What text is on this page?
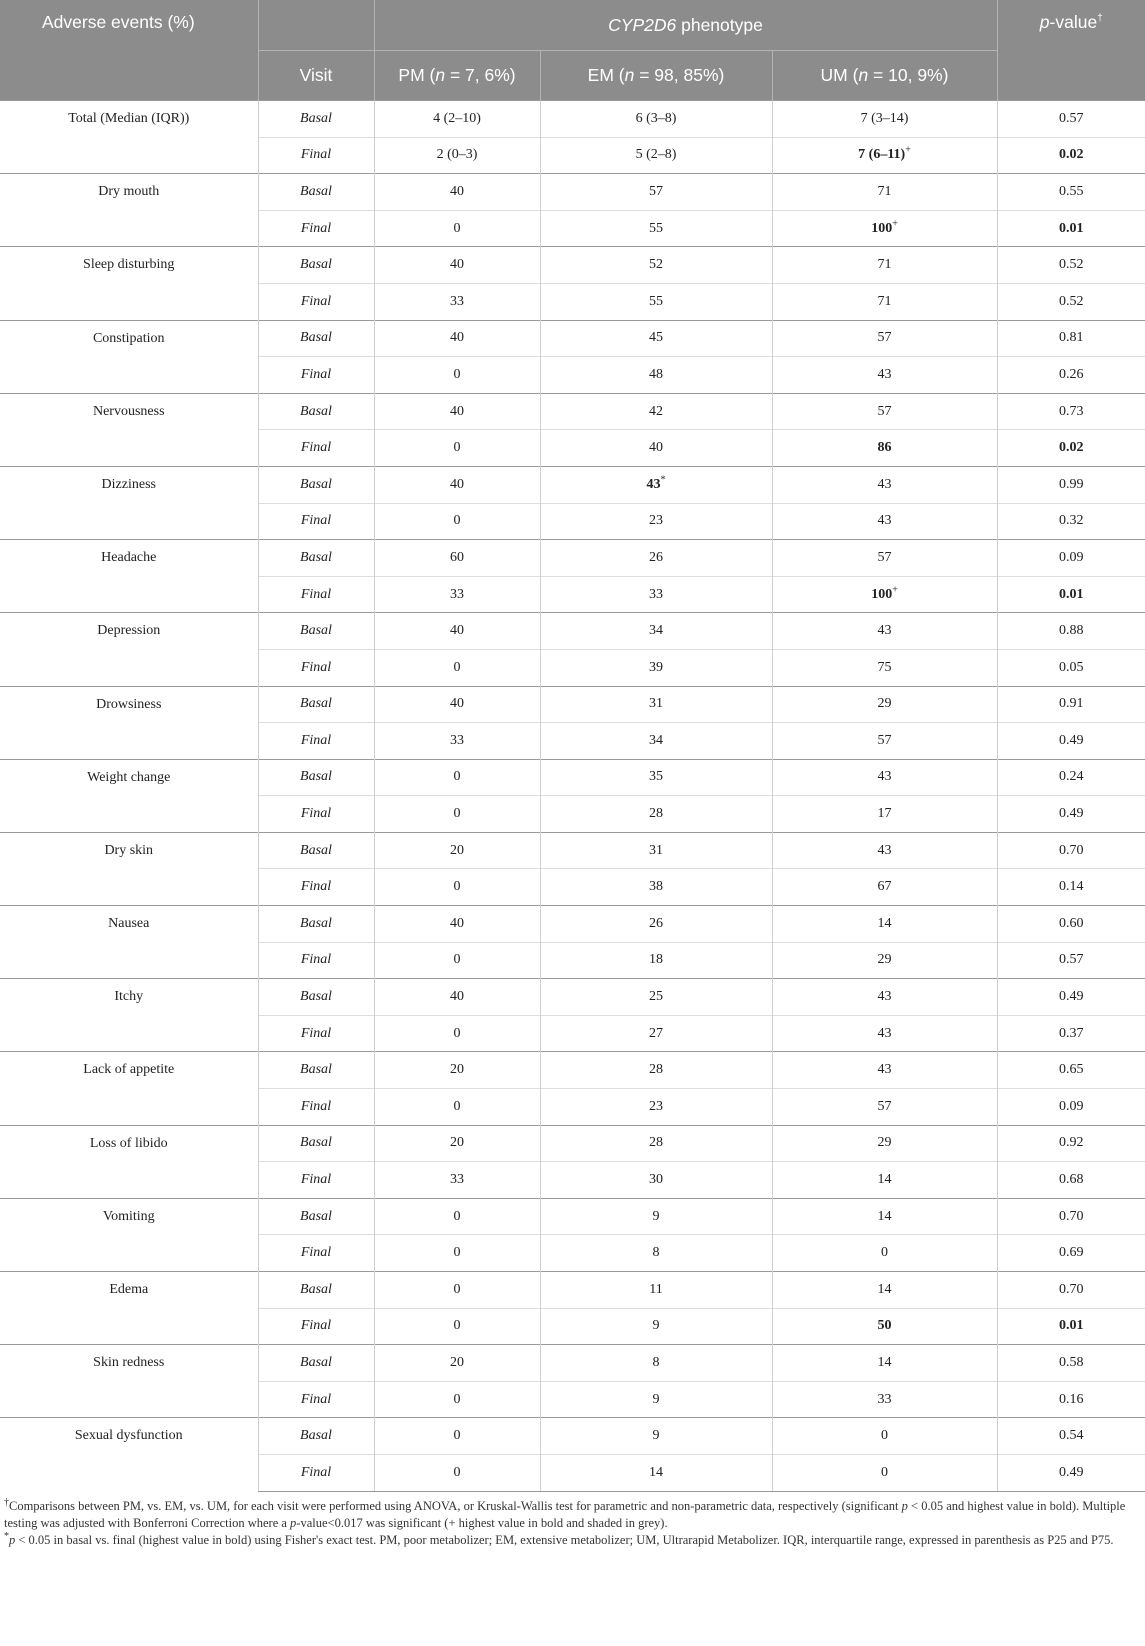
Adverse events (%)		CYP2D6 phenotype			p-value†
	Visit	PM (n = 7, 6%)	EM (n = 98, 85%)	UM (n = 10, 9%)	
Total (Median (IQR))	Basal	4 (2–10)	6 (3–8)	7 (3–14)	0.57
	Final	2 (0–3)	5 (2–8)	7 (6–11)+	0.02
Dry mouth	Basal	40	57	71	0.55
	Final	0	55	100+	0.01
Sleep disturbing	Basal	40	52	71	0.52
	Final	33	55	71	0.52
Constipation	Basal	40	45	57	0.81
	Final	0	48	43	0.26
Nervousness	Basal	40	42	57	0.73
	Final	0	40	86	0.02
Dizziness	Basal	40	43*	43	0.99
	Final	0	23	43	0.32
Headache	Basal	60	26	57	0.09
	Final	33	33	100+	0.01
Depression	Basal	40	34	43	0.88
	Final	0	39	75	0.05
Drowsiness	Basal	40	31	29	0.91
	Final	33	34	57	0.49
Weight change	Basal	0	35	43	0.24
	Final	0	28	17	0.49
Dry skin	Basal	20	31	43	0.70
	Final	0	38	67	0.14
Nausea	Basal	40	26	14	0.60
	Final	0	18	29	0.57
Itchy	Basal	40	25	43	0.49
	Final	0	27	43	0.37
Lack of appetite	Basal	20	28	43	0.65
	Final	0	23	57	0.09
Loss of libido	Basal	20	28	29	0.92
	Final	33	30	14	0.68
Vomiting	Basal	0	9	14	0.70
	Final	0	8	0	0.69
Edema	Basal	0	11	14	0.70
	Final	0	9	50	0.01
Skin redness	Basal	20	8	14	0.58
	Final	0	9	33	0.16
Sexual dysfunction	Basal	0	9	0	0.54
	Final	0	14	0	0.49

†Comparisons between PM, vs. EM, vs. UM, for each visit were performed using ANOVA, or Kruskal-Wallis test for parametric and non-parametric data, respectively (significant p < 0.05 and highest value in bold). Multiple testing was adjusted with Bonferroni Correction where a p-value<0.017 was significant (+ highest value in bold and shaded in grey).

*p < 0.05 in basal vs. final (highest value in bold) using Fisher's exact test. PM, poor metabolizer; EM, extensive metabolizer; UM, Ultrarapid Metabolizer. IQR, interquartile range, expressed in parenthesis as P25 and P75.
